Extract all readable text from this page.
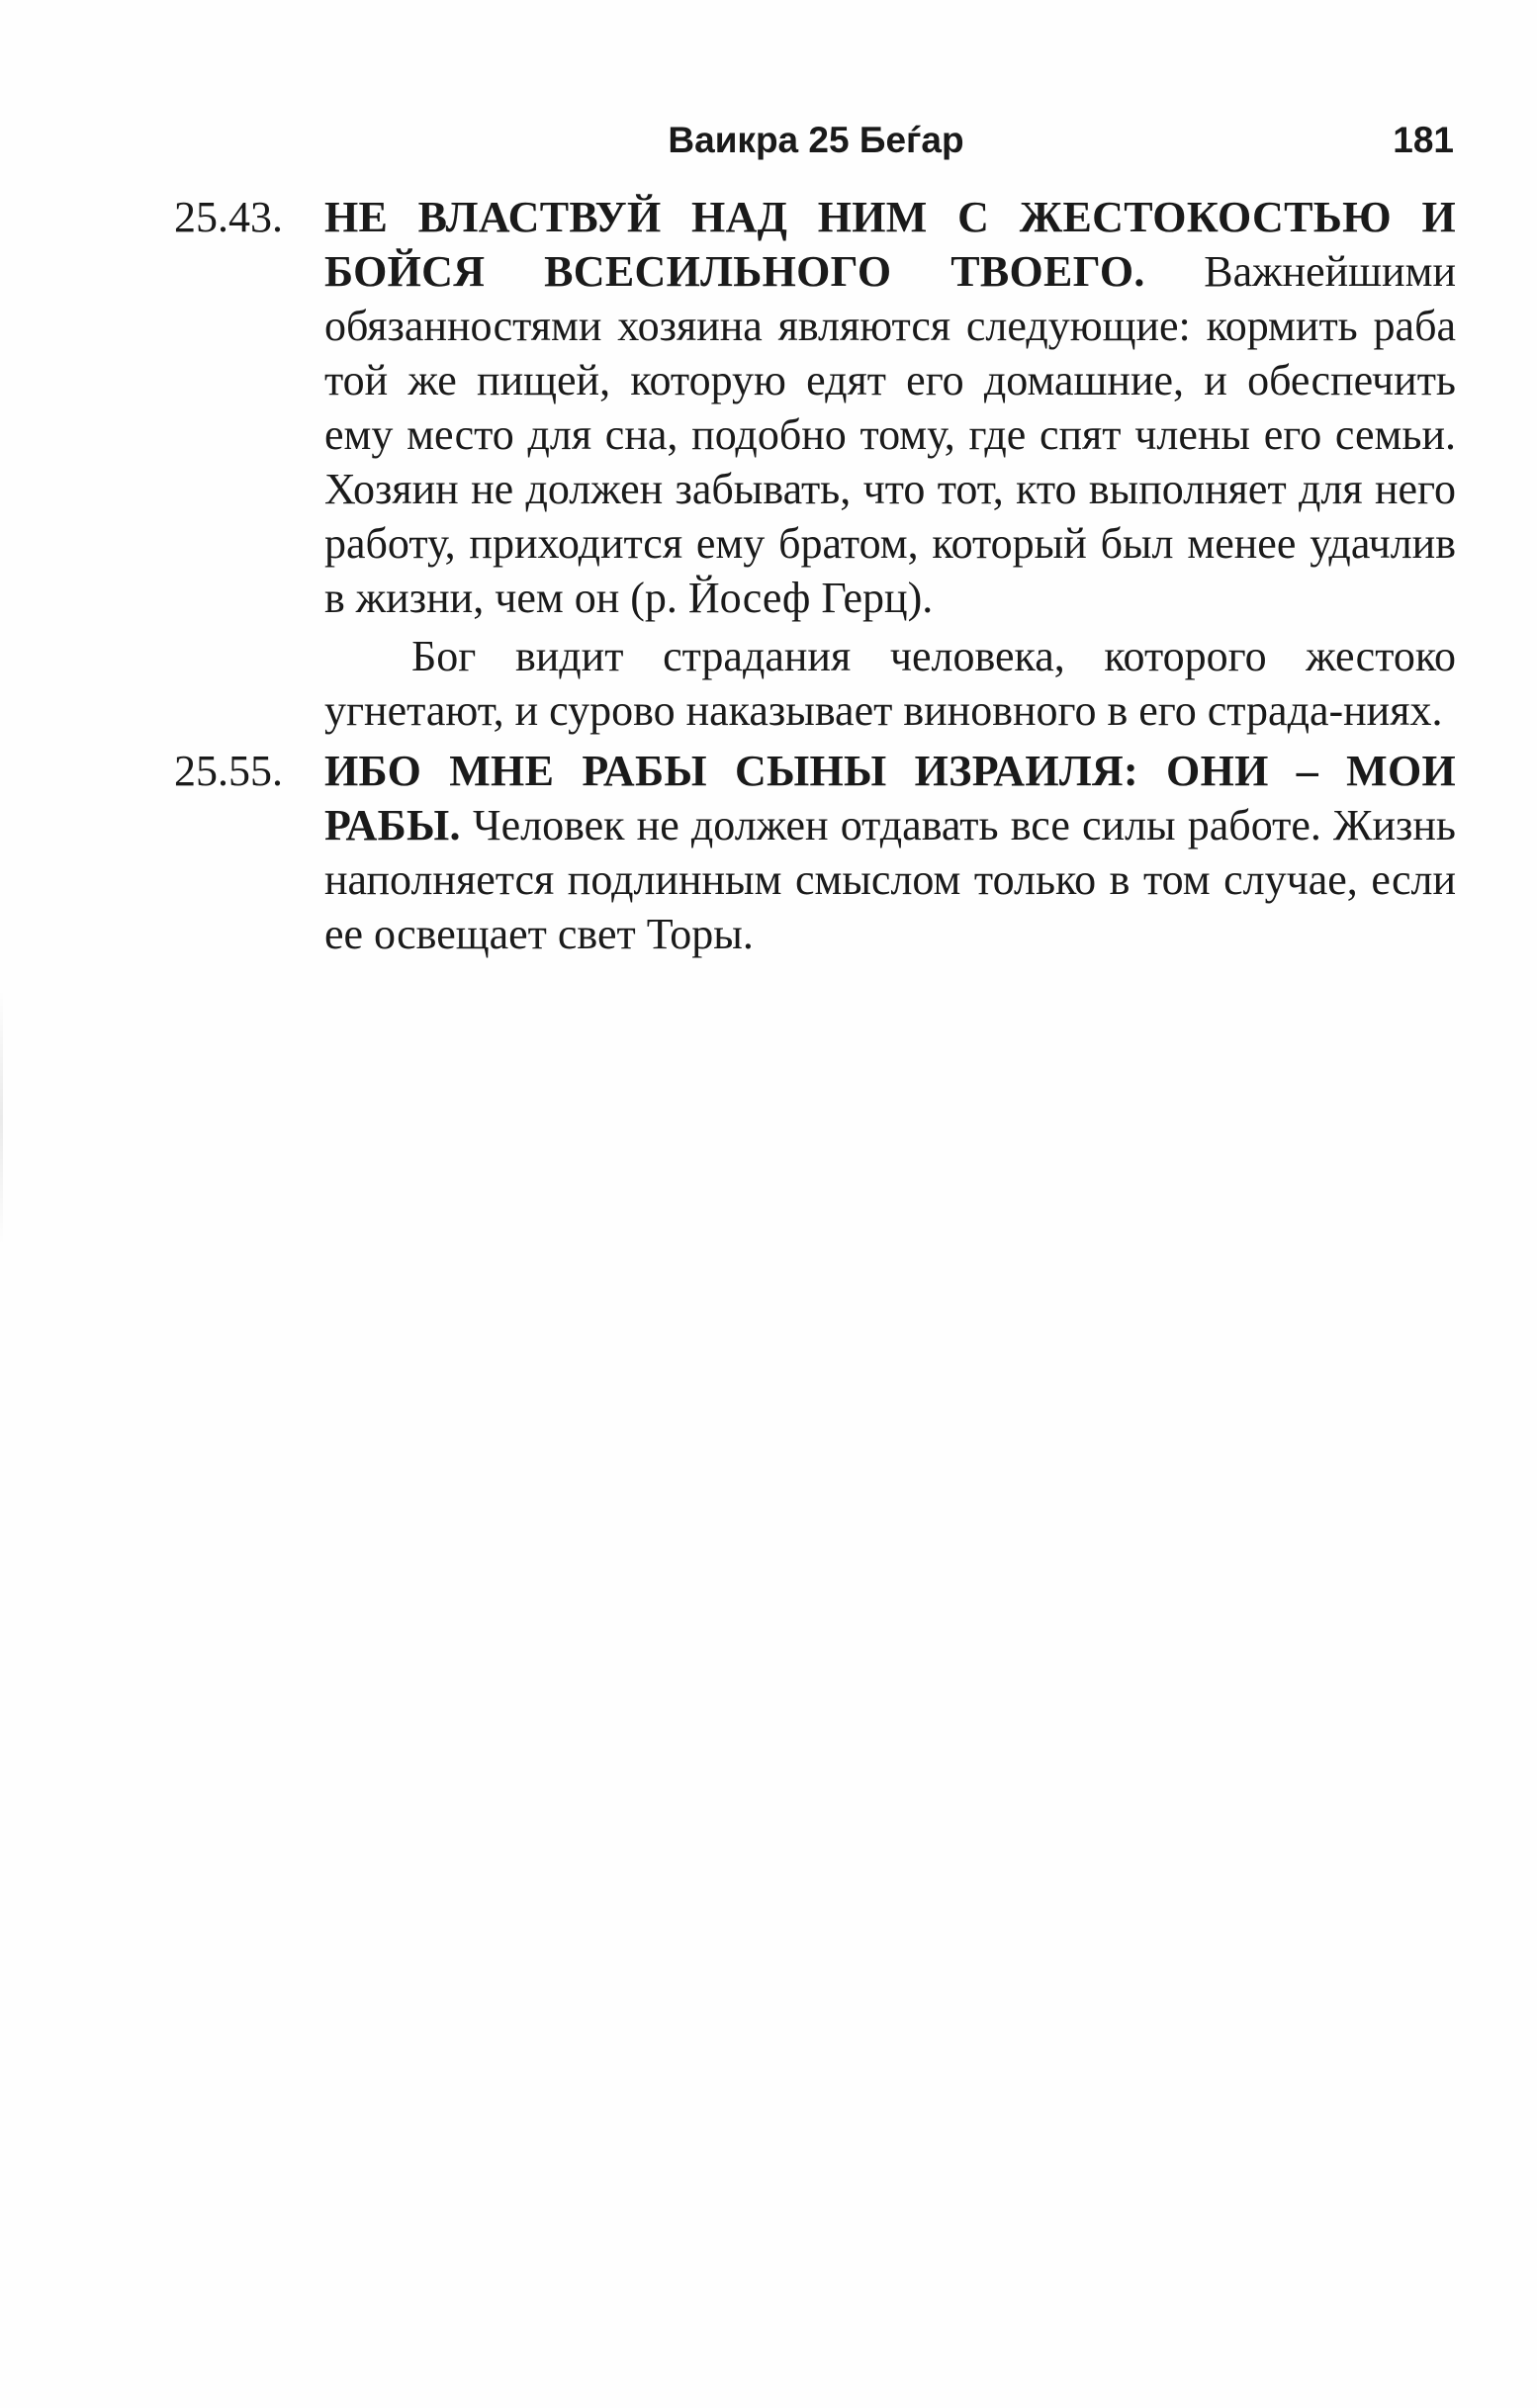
Ваикра 25 Беѓар	181
25.43. НЕ ВЛАСТВУЙ НАД НИМ С ЖЕСТОКОСТЬЮ И БОЙСЯ ВСЕСИЛЬНОГО ТВОЕГО. Важнейшими обязанностями хозяина являются следующие: кормить раба той же пищей, которую едят его домашние, и обеспечить ему место для сна, подобно тому, где спят члены его семьи. Хозяин не должен забывать, что тот, кто выполняет для него работу, приходится ему братом, который был менее удачлив в жизни, чем он (р. Йосеф Герц).

Бог видит страдания человека, которого жестоко угнетают, и сурово наказывает виновного в его страда-ниях.

25.55. ИБО МНЕ РАБЫ СЫНЫ ИЗРАИЛЯ: ОНИ – МОИ РАБЫ. Человек не должен отдавать все силы работе. Жизнь наполняется подлинным смыслом только в том случае, если ее освещает свет Торы.
